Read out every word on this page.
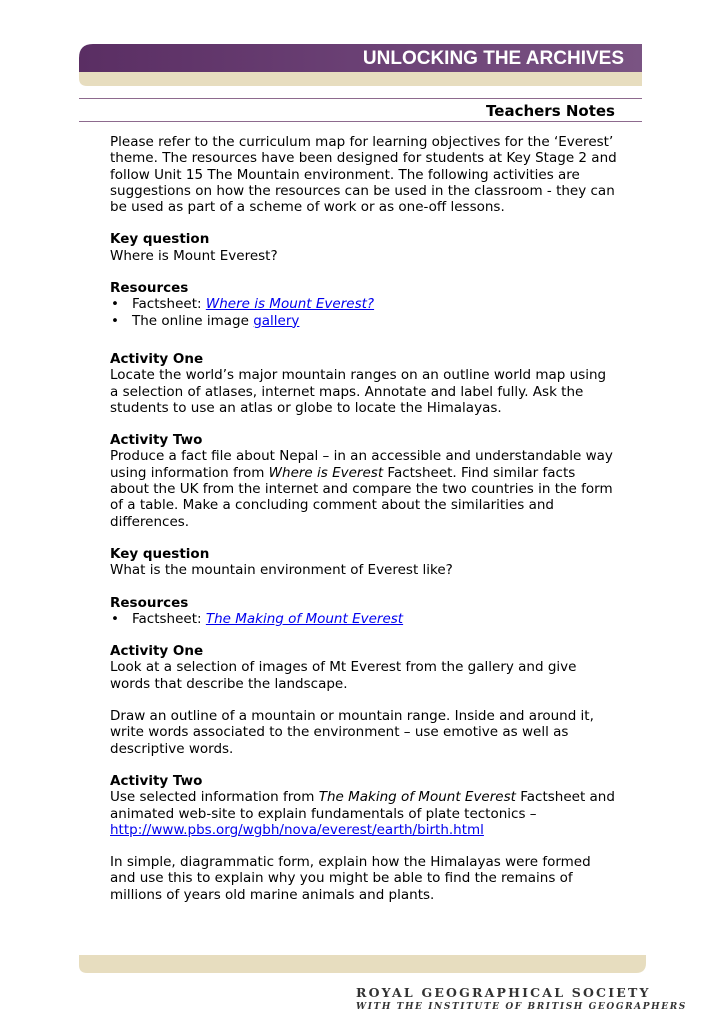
UNLOCKING THE ARCHIVES
Teachers Notes

Please refer to the curriculum map for learning objectives for the ‘Everest’ theme. The resources have been designed for students at Key Stage 2 and follow Unit 15 The Mountain environment. The following activities are suggestions on how the resources can be used in the classroom - they can be used as part of a scheme of work or as one-off lessons.

Key question

Where is Mount Everest?

Resources

• Factsheet: Where is Mount Everest?
• The online image gallery

Activity One

Locate the world’s major mountain ranges on an outline world map using a selection of atlases, internet maps. Annotate and label fully. Ask the students to use an atlas or globe to locate the Himalayas.

Activity Two

Produce a fact file about Nepal – in an accessible and understandable way using information from Where is Everest Factsheet. Find similar facts about the UK from the internet and compare the two countries in the form of a table. Make a concluding comment about the similarities and differences.

Key question

What is the mountain environment of Everest like?

Resources

• Factsheet: The Making of Mount Everest

Activity One

Look at a selection of images of Mt Everest from the gallery and give words that describe the landscape.

Draw an outline of a mountain or mountain range. Inside and around it, write words associated to the environment – use emotive as well as descriptive words.

Activity Two

Use selected information from The Making of Mount Everest Factsheet and animated web-site to explain fundamentals of plate tectonics –

http://www.pbs.org/wgbh/nova/everest/earth/birth.html

In simple, diagrammatic form, explain how the Himalayas were formed and use this to explain why you might be able to find the remains of millions of years old marine animals and plants.

ROYAL GEOGRAPHICAL SOCIETY
WITH THE INSTITUTE OF BRITISH GEOGRAPHERS
